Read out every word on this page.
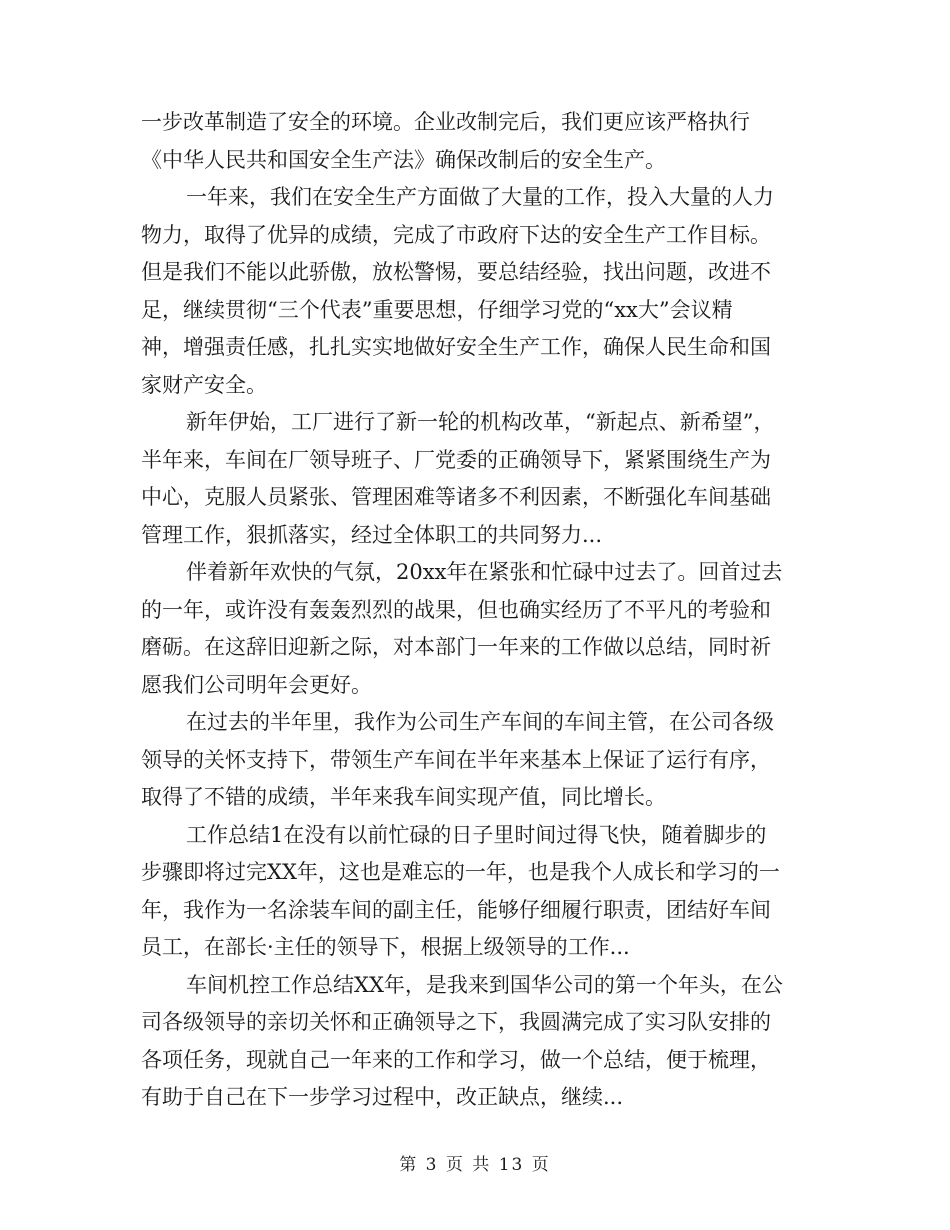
一步改革制造了安全的环境。企业改制完后，我们更应该严格执行
《中华人民共和国安全生产法》确保改制后的安全生产。
一年来，我们在安全生产方面做了大量的工作，投入大量的人力
物力，取得了优异的成绩，完成了市政府下达的安全生产工作目标。
但是我们不能以此骄傲，放松警惕，要总结经验，找出问题，改进不
足，继续贯彻“三个代表”重要思想，仔细学习党的“xx大”会议精
神，增强责任感，扎扎实实地做好安全生产工作，确保人民生命和国
家财产安全。
新年伊始，工厂进行了新一轮的机构改革，“新起点、新希望”，
半年来，车间在厂领导班子、厂党委的正确领导下，紧紧围绕生产为
中心，克服人员紧张、管理困难等诸多不利因素，不断强化车间基础
管理工作，狠抓落实，经过全体职工的共同努力...
伴着新年欢快的气氛，20xx年在紧张和忙碌中过去了。回首过去
的一年，或许没有轰轰烈烈的战果，但也确实经历了不平凡的考验和
磨砺。在这辞旧迎新之际，对本部门一年来的工作做以总结，同时祈
愿我们公司明年会更好。
在过去的半年里，我作为公司生产车间的车间主管，在公司各级
领导的关怀支持下，带领生产车间在半年来基本上保证了运行有序，
取得了不错的成绩，半年来我车间实现产值，同比增长。
工作总结1在没有以前忙碌的日子里时间过得飞快，随着脚步的
步骤即将过完XX年，这也是难忘的一年，也是我个人成长和学习的一
年，我作为一名涂装车间的副主任，能够仔细履行职责，团结好车间
员工，在部长·主任的领导下，根据上级领导的工作...
车间机控工作总结XX年，是我来到国华公司的第一个年头，在公
司各级领导的亲切关怀和正确领导之下，我圆满完成了实习队安排的
各项任务，现就自己一年来的工作和学习，做一个总结，便于梳理，
有助于自己在下一步学习过程中，改正缺点，继续...
第 3 页 共 13 页
